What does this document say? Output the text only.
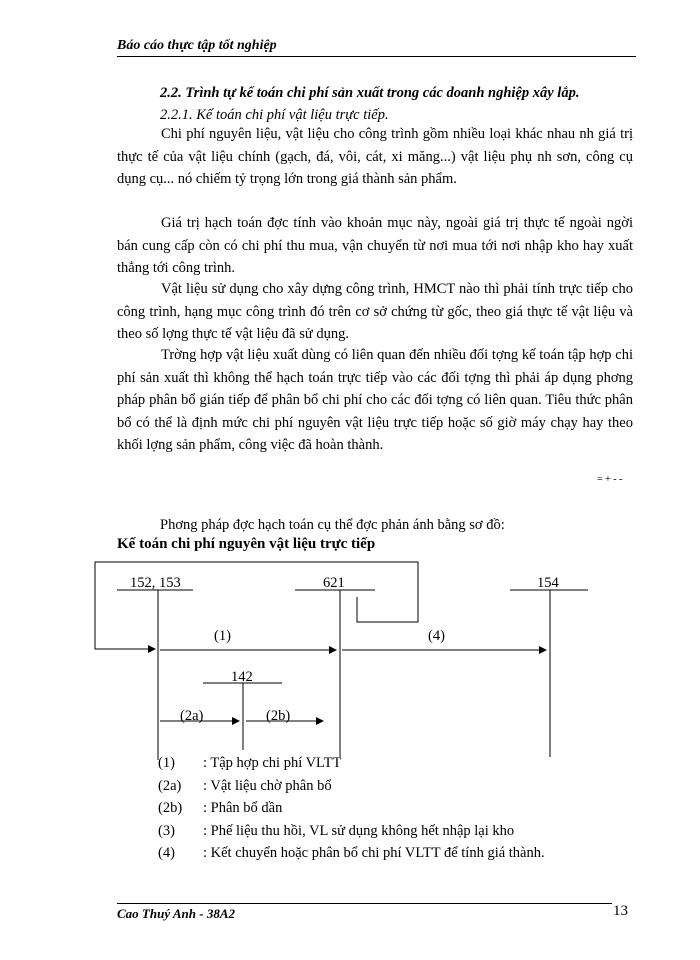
Báo cáo thực tập tốt nghiệp
2.2. Trình tự kế toán chi phí sản xuất trong các doanh nghiệp xây lắp.
2.2.1. Kế toán chi phí vật liệu trực tiếp.

Chi phí nguyên liệu, vật liệu cho công trình gồm nhiều loại khác nhau nh giá trị thực tế của vật liệu chính (gạch, đá, vôi, cát, xi măng...) vật liệu phụ nh sơn, công cụ dụng cụ... nó chiếm tỷ trọng lớn trong giá thành sản phẩm.

Giá trị hạch toán đợc tính vào khoản mục này, ngoài giá trị thực tế ngoài ngời bán cung cấp còn có chi phí thu mua, vận chuyển từ nơi mua tới nơi nhập kho hay xuất thẳng tới công trình.

Vật liệu sử dụng cho xây dựng công trình, HMCT nào thì phải tính trực tiếp cho công trình, hạng mục công trình đó trên cơ sở chứng từ gốc, theo giá thực tế vật liệu và theo số lợng thực tế vật liệu đã sử dụng.

Trờng hợp vật liệu xuất dùng có liên quan đến nhiều đối tợng kế toán tập hợp chi phí sản xuất thì không thể hạch toán trực tiếp vào các đối tợng thì phải áp dụng phơng pháp phân bổ gián tiếp để phân bổ chi phí cho các đối tợng có liên quan. Tiêu thức phân bổ có thể là định mức chi phí nguyên vật liệu trực tiếp hoặc số giờ máy chạy hay theo khối lợng sản phẩm, công việc đã hoàn thành.

= + - -
Phơng pháp đợc hạch toán cụ thể đợc phản ánh bằng sơ đồ:
Kế toán chi phí nguyên vật liệu trực tiếp
152, 153	621	154
142
(1)	(4)
(2a)	(2b)
(1)	: Tập hợp chi phí VLTT
(2a)	: Vật liệu chờ phân bổ
(2b)	: Phân bổ dần
(3)	: Phế liệu thu hồi, VL sử dụng không hết nhập lại kho
(4)	: Kết chuyển hoặc phân bổ chi phí VLTT để tính giá thành.
Cao Thuý Anh - 38A2	13
